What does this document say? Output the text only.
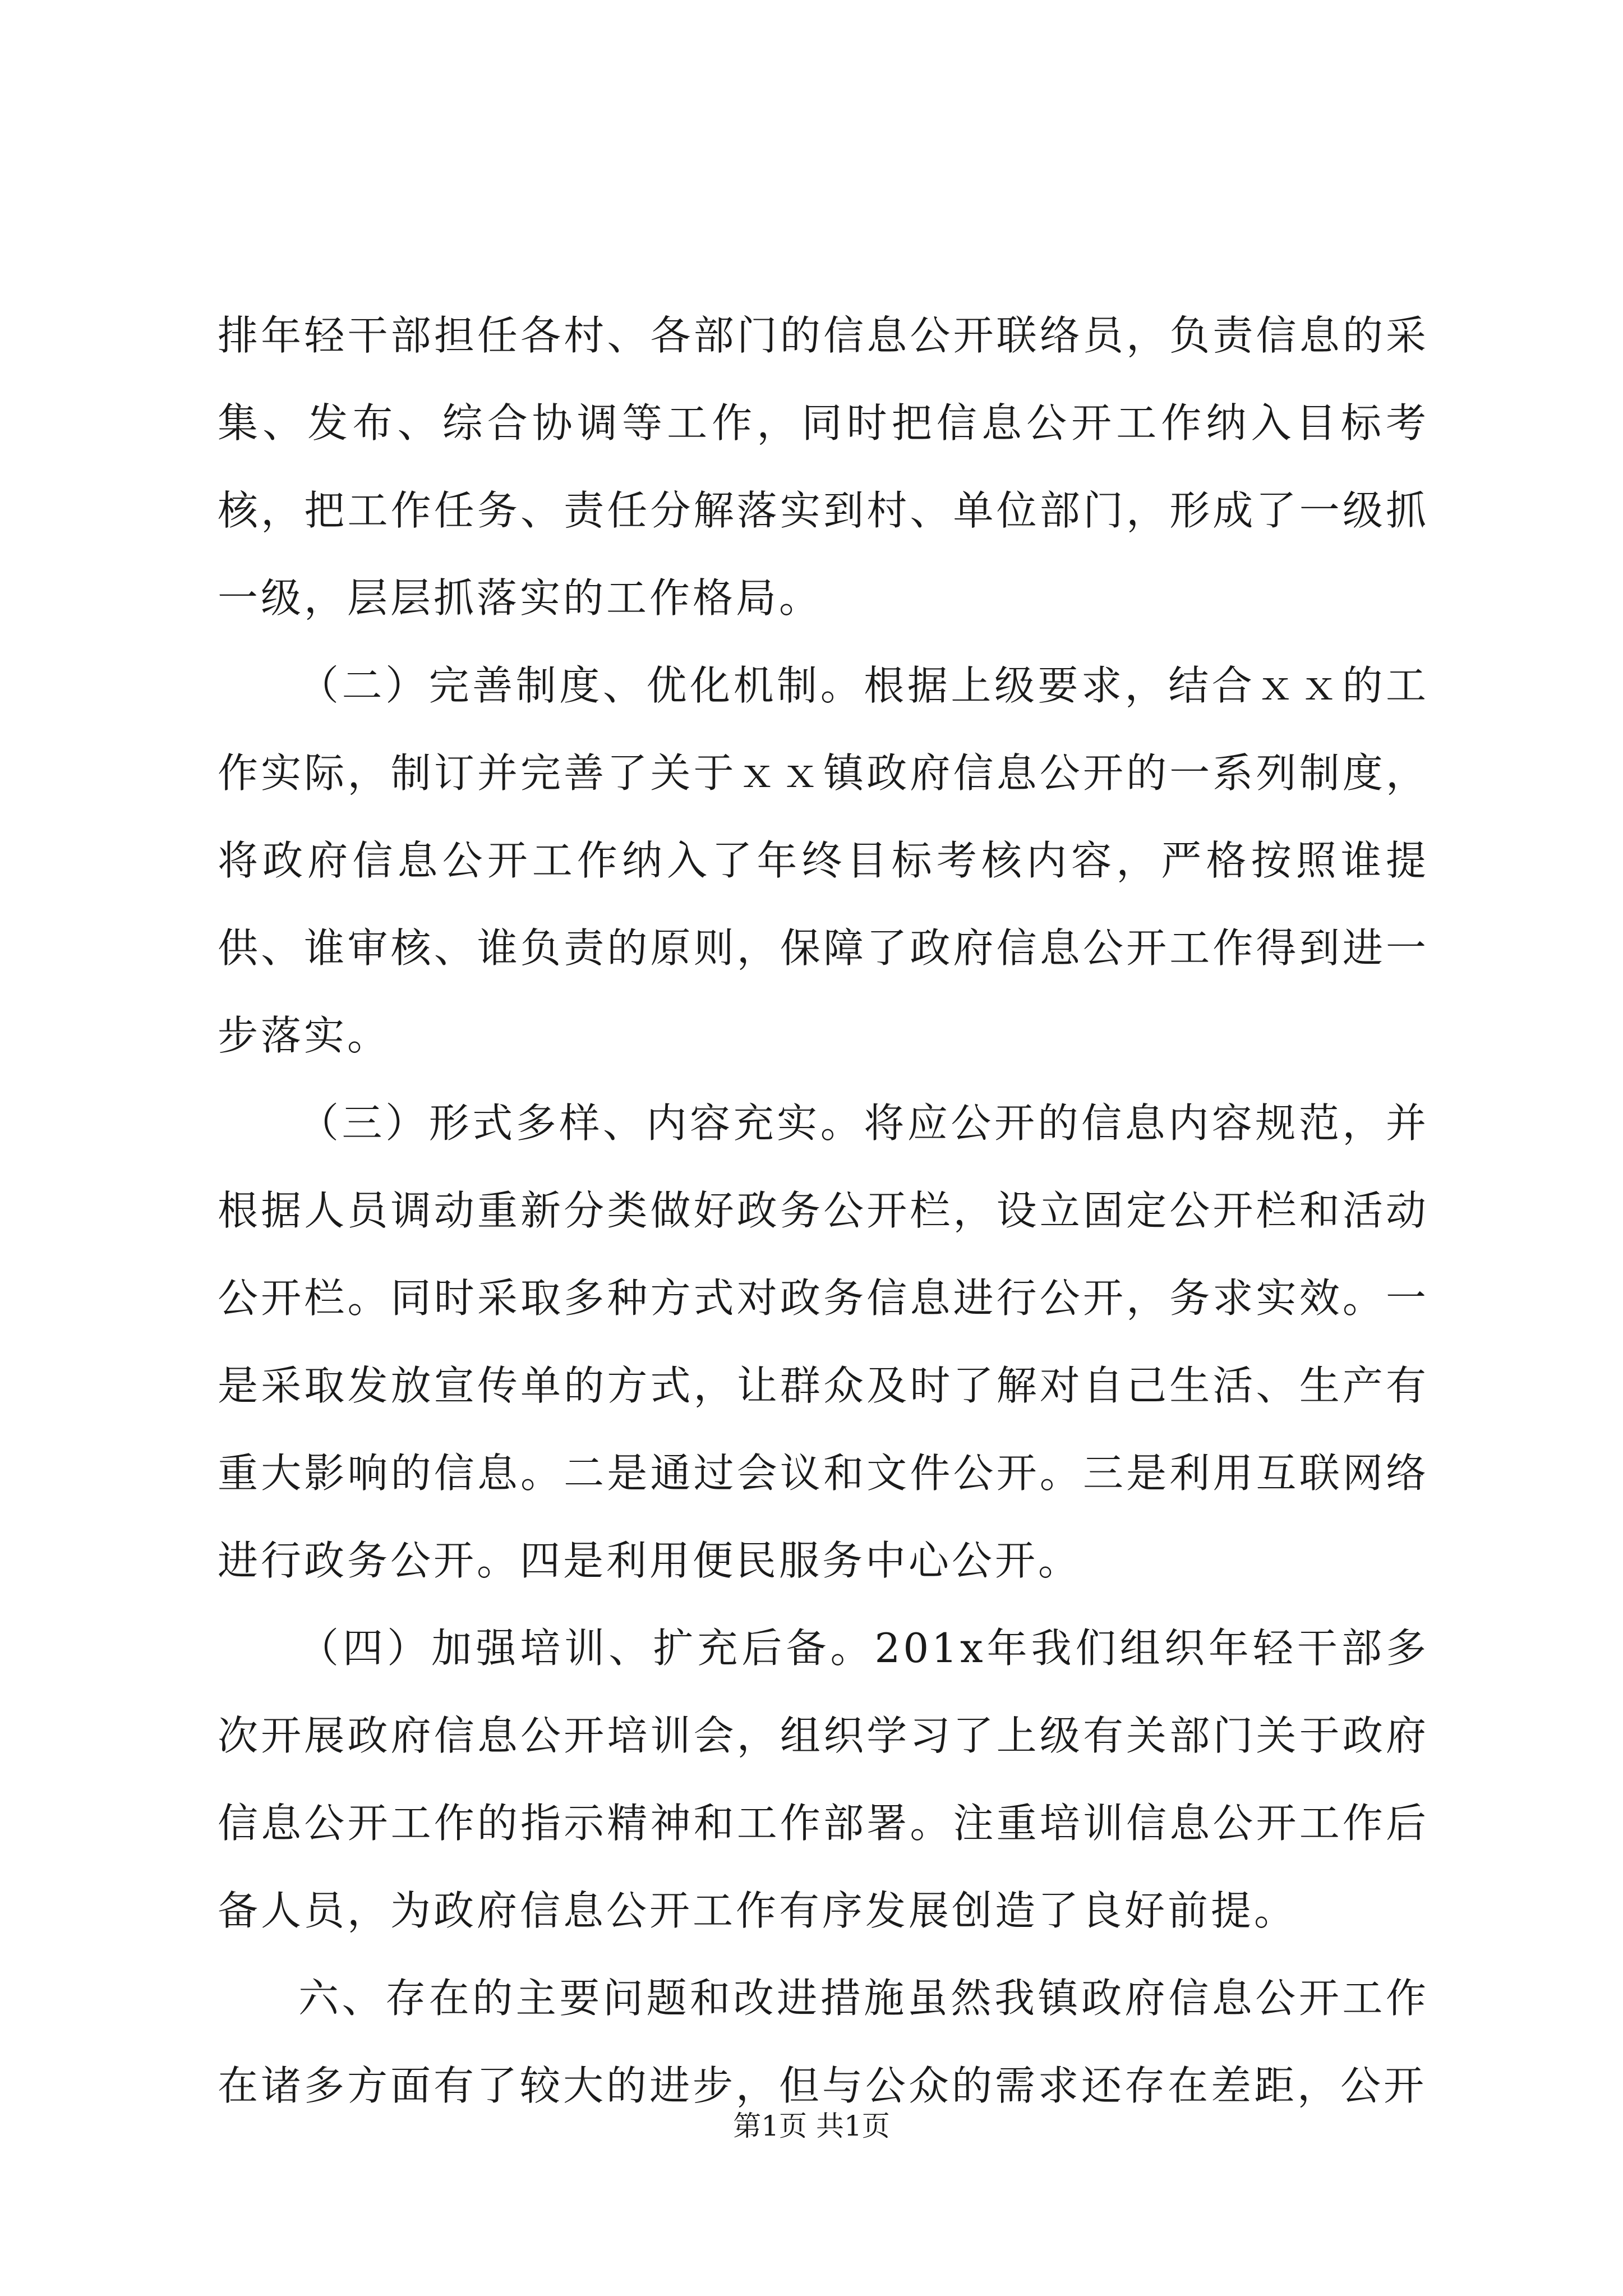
排年轻干部担任各村、各部门的信息公开联络员，负责信息的采集、发布、综合协调等工作，同时把信息公开工作纳入目标考核，把工作任务、责任分解落实到村、单位部门，形成了一级抓一级，层层抓落实的工作格局。

（二）完善制度、优化机制。根据上级要求，结合ｘｘ的工作实际，制订并完善了关于ｘｘ镇政府信息公开的一系列制度，将政府信息公开工作纳入了年终目标考核内容，严格按照谁提供、谁审核、谁负责的原则，保障了政府信息公开工作得到进一步落实。

（三）形式多样、内容充实。将应公开的信息内容规范，并根据人员调动重新分类做好政务公开栏，设立固定公开栏和活动公开栏。同时采取多种方式对政务信息进行公开，务求实效。一是采取发放宣传单的方式，让群众及时了解对自己生活、生产有重大影响的信息。二是通过会议和文件公开。三是利用互联网络进行政务公开。四是利用便民服务中心公开。

（四）加强培训、扩充后备。201x年我们组织年轻干部多次开展政府信息公开培训会，组织学习了上级有关部门关于政府信息公开工作的指示精神和工作部署。注重培训信息公开工作后备人员，为政府信息公开工作有序发展创造了良好前提。

六、存在的主要问题和改进措施虽然我镇政府信息公开工作在诸多方面有了较大的进步，但与公众的需求还存在差距，公开

第1页 共1页
